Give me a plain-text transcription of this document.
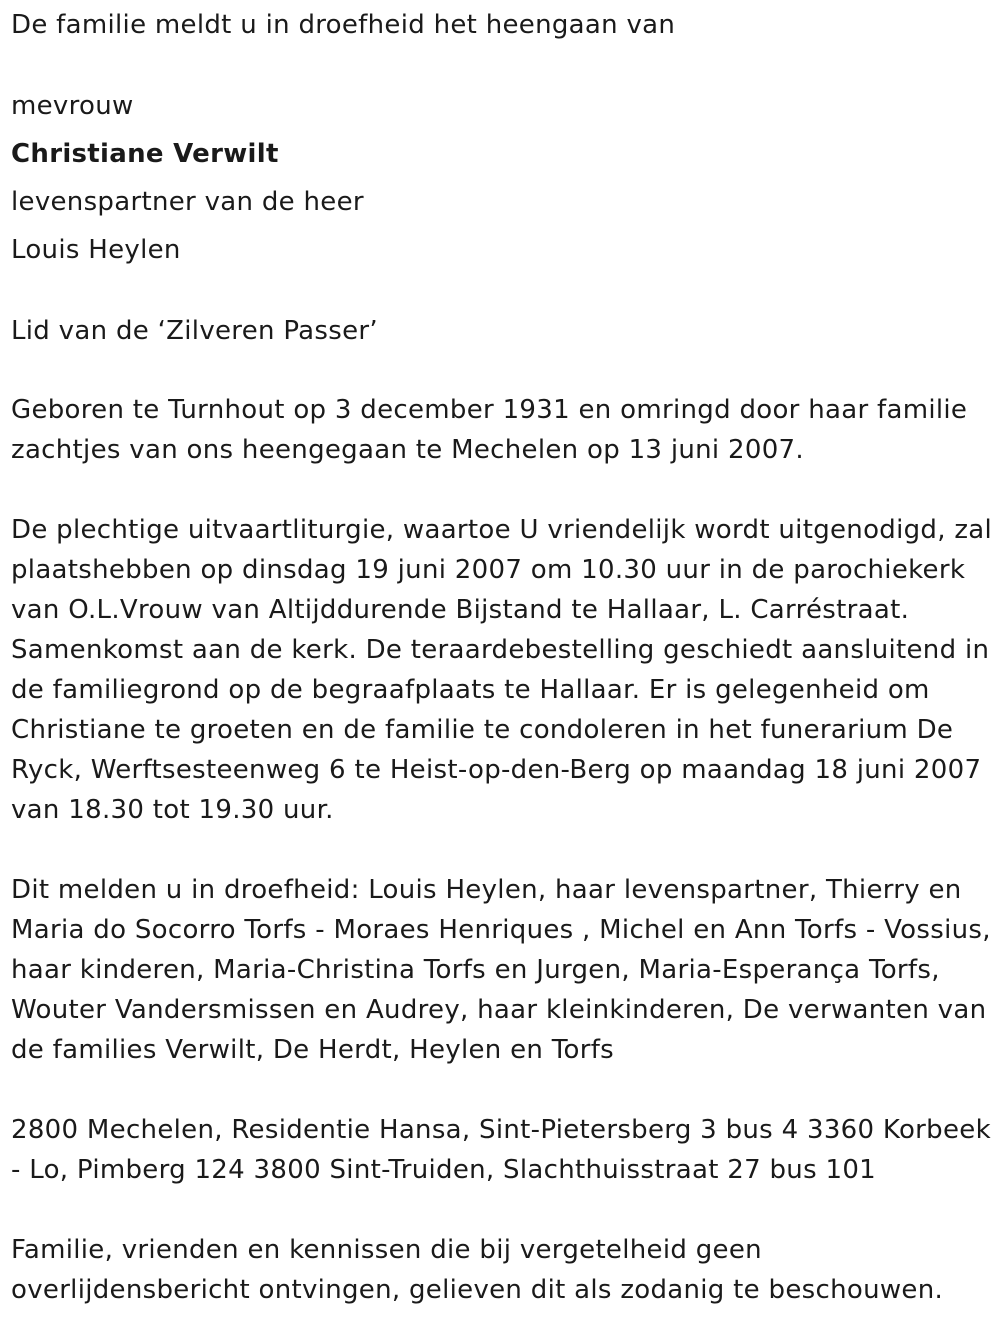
De familie meldt u in droefheid het heengaan van
mevrouw
Christiane Verwilt
levenspartner van de heer
Louis Heylen
Lid van de ‘Zilveren Passer’

Geboren te Turnhout op 3 december 1931 en omringd door haar familie zachtjes van ons heengegaan te Mechelen op 13 juni 2007.

De plechtige uitvaartliturgie, waartoe U vriendelijk wordt uitgenodigd, zal plaatshebben op dinsdag 19 juni 2007 om 10.30 uur in de parochiekerk van O.L.Vrouw van Altijddurende Bijstand te Hallaar, L. Carréstraat. Samenkomst aan de kerk. De teraardebestelling geschiedt aansluitend in de familiegrond op de begraafplaats te Hallaar. Er is gelegenheid om Christiane te groeten en de familie te condoleren in het funerarium De Ryck, Werftsesteenweg 6 te Heist-op-den-Berg op maandag 18 juni 2007 van 18.30 tot 19.30 uur.

Dit melden u in droefheid: Louis Heylen, haar levenspartner, Thierry en Maria do Socorro Torfs - Moraes Henriques , Michel en Ann Torfs - Vossius, haar kinderen, Maria-Christina Torfs en Jurgen, Maria-Esperança Torfs, Wouter Vandersmissen en Audrey, haar kleinkinderen, De verwanten van de families Verwilt, De Herdt, Heylen en Torfs

2800 Mechelen, Residentie Hansa, Sint-Pietersberg 3 bus 4 3360 Korbeek - Lo, Pimberg 124 3800 Sint-Truiden, Slachthuisstraat 27 bus 101

Familie, vrienden en kennissen die bij vergetelheid geen overlijdensbericht ontvingen, gelieven dit als zodanig te beschouwen.
